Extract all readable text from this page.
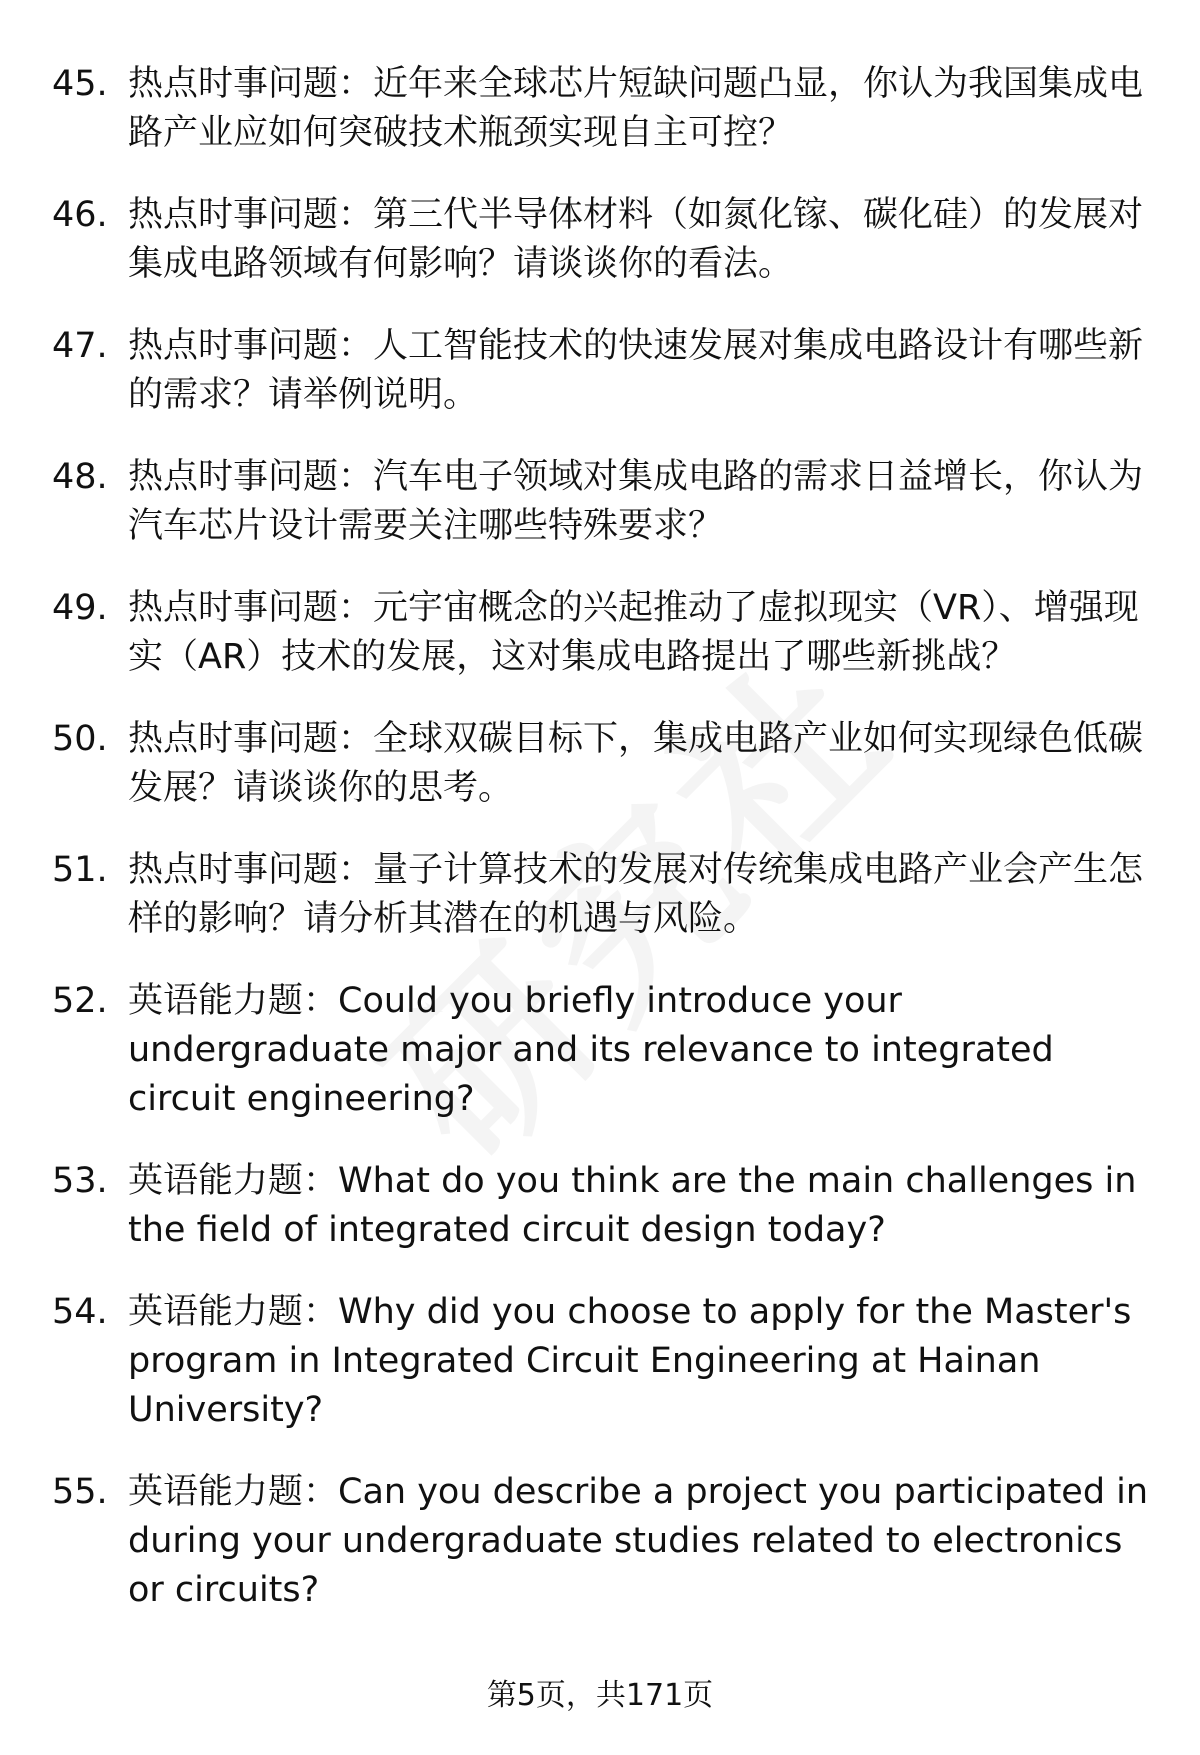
45. 热点时事问题：近年来全球芯片短缺问题凸显，你认为我国集成电路产业应如何突破技术瓶颈实现自主可控？
46. 热点时事问题：第三代半导体材料（如氮化镓、碳化硅）的发展对集成电路领域有何影响？请谈谈你的看法。
47. 热点时事问题：人工智能技术的快速发展对集成电路设计有哪些新的需求？请举例说明。
48. 热点时事问题：汽车电子领域对集成电路的需求日益增长，你认为汽车芯片设计需要关注哪些特殊要求？
49. 热点时事问题：元宇宙概念的兴起推动了虚拟现实（VR）、增强现实（AR）技术的发展，这对集成电路提出了哪些新挑战？
50. 热点时事问题：全球双碳目标下，集成电路产业如何实现绿色低碳发展？请谈谈你的思考。
51. 热点时事问题：量子计算技术的发展对传统集成电路产业会产生怎样的影响？请分析其潜在的机遇与风险。
52. 英语能力题：Could you briefly introduce your undergraduate major and its relevance to integrated circuit engineering?
53. 英语能力题：What do you think are the main challenges in the field of integrated circuit design today?
54. 英语能力题：Why did you choose to apply for the Master's program in Integrated Circuit Engineering at Hainan University?
55. 英语能力题：Can you describe a project you participated in during your undergraduate studies related to electronics or circuits?
第5页，共171页
